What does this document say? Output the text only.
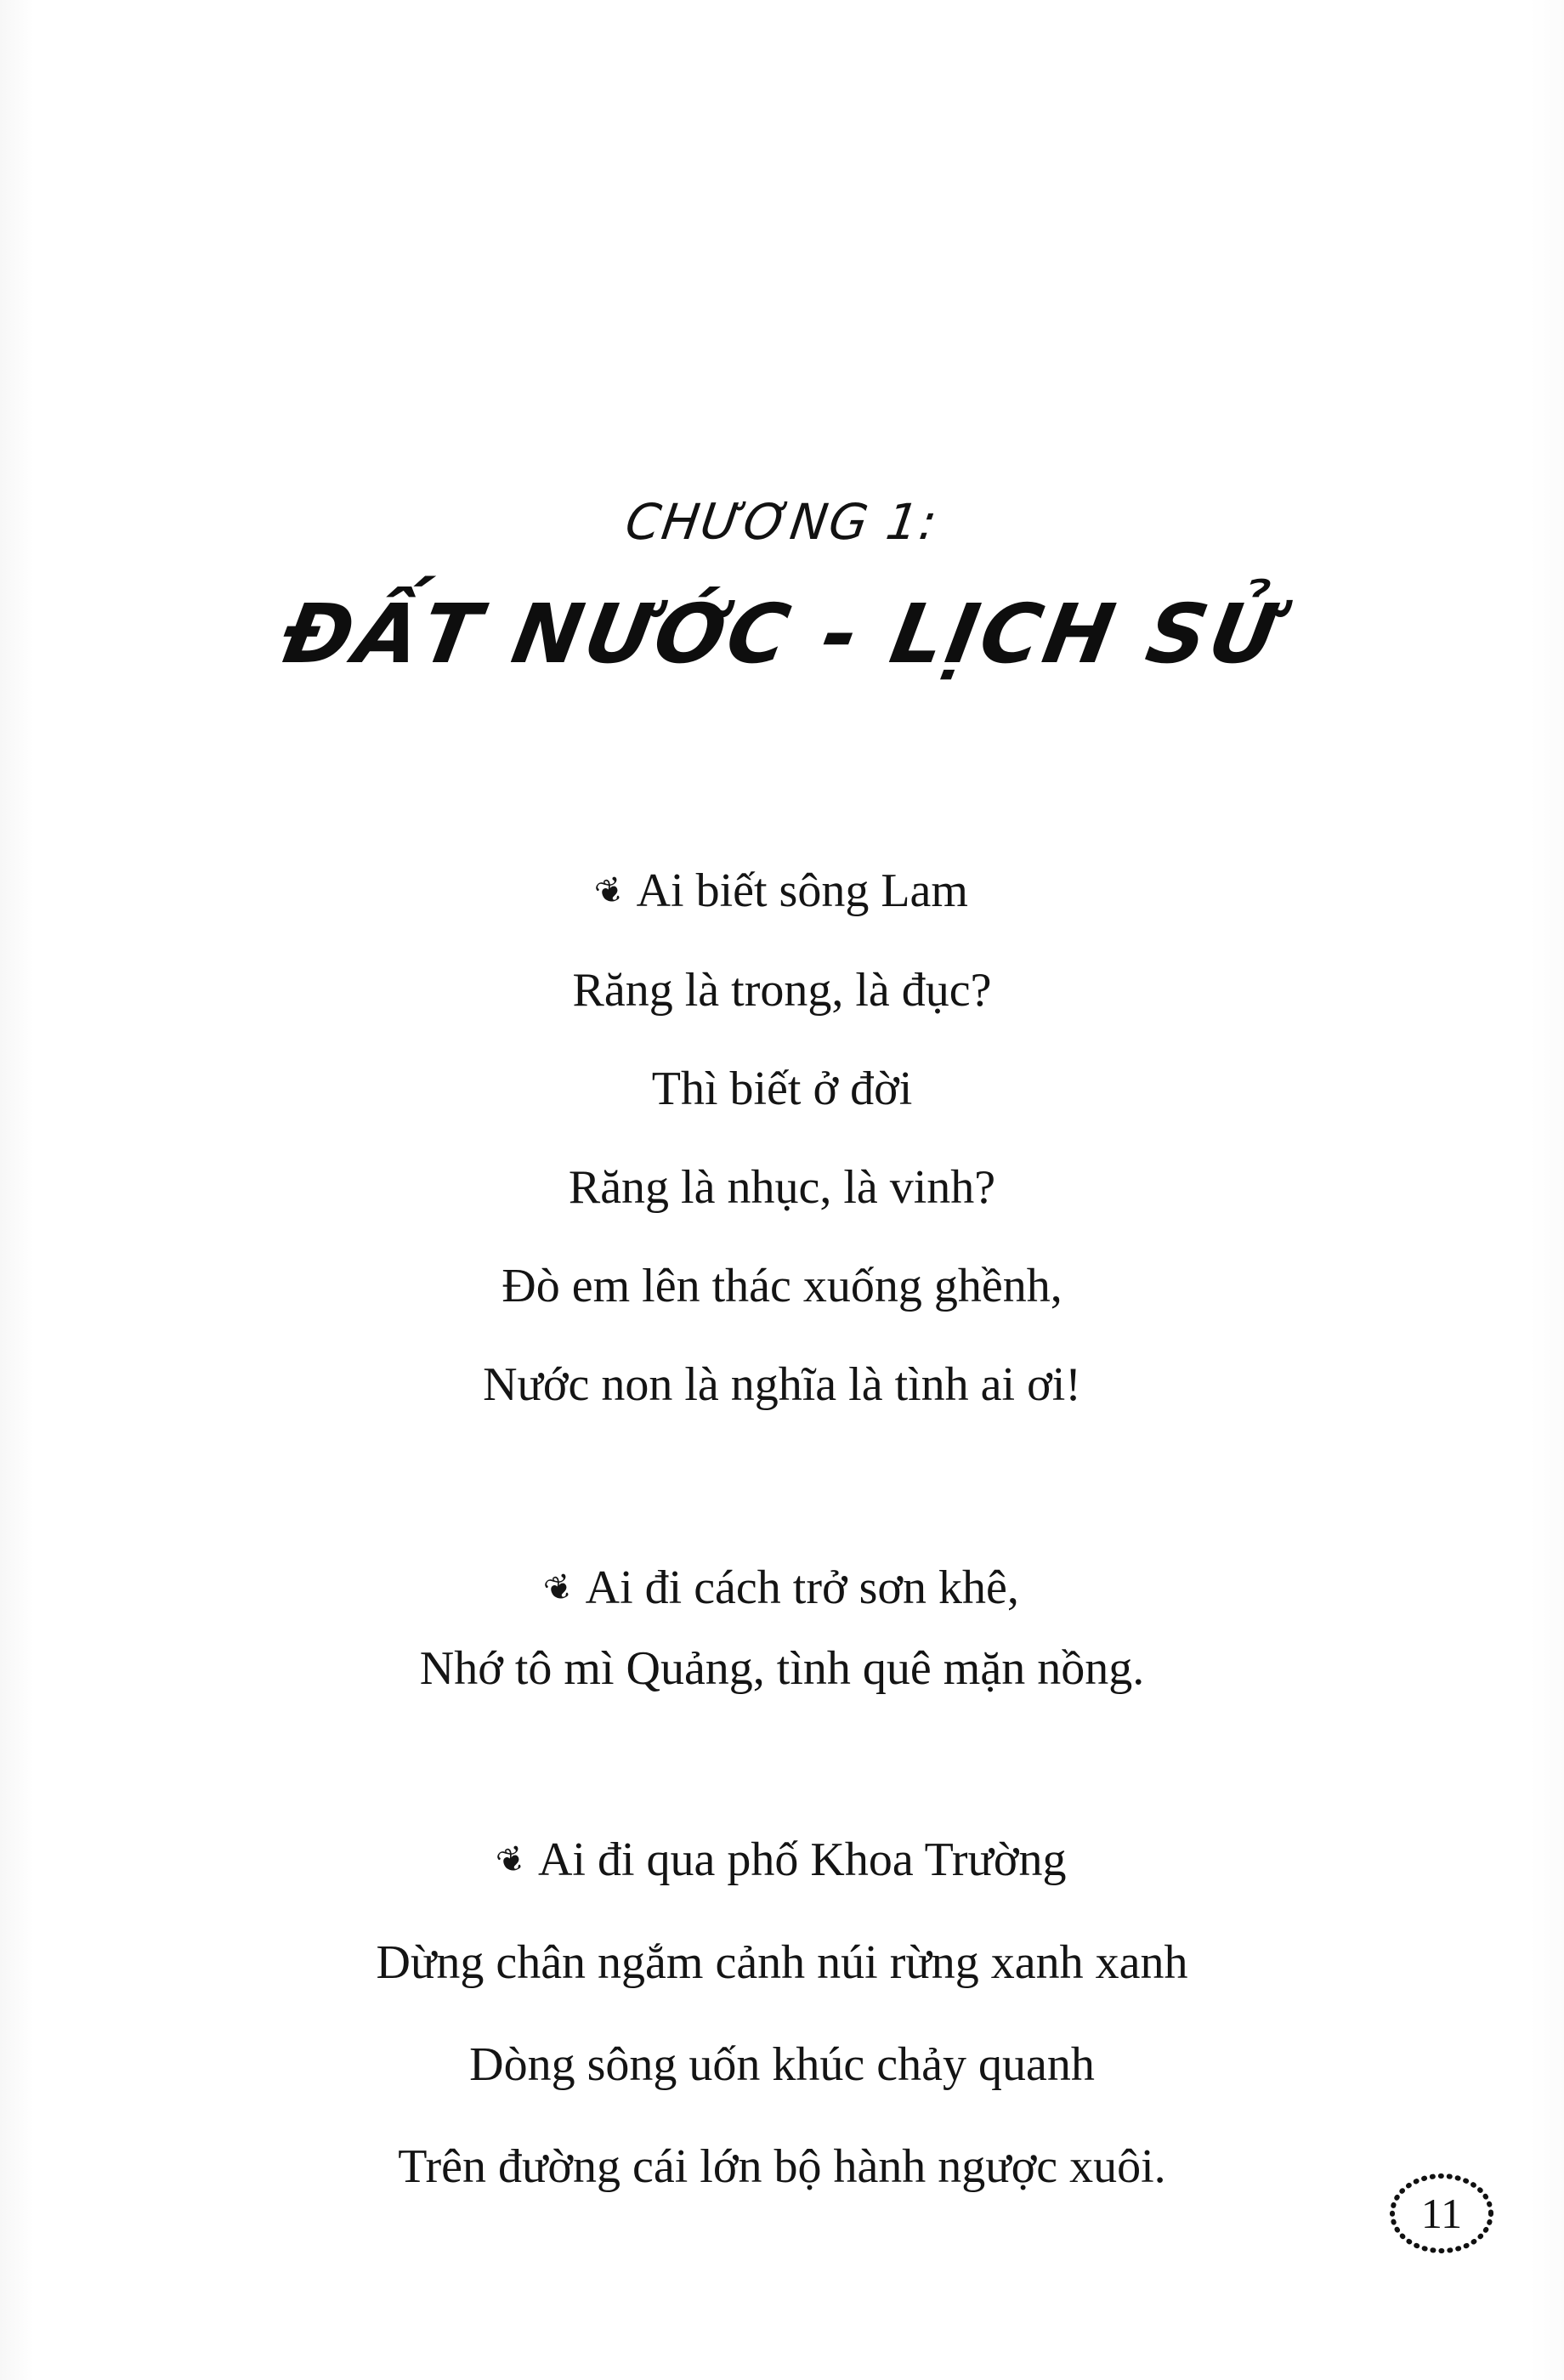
CHƯƠNG 1:
ĐẤT NƯỚC - LỊCH SỬ
❦ Ai biết sông Lam
Răng là trong, là đục?
Thì biết ở đời
Răng là nhục, là vinh?
Đò em lên thác xuống ghềnh,
Nước non là nghĩa là tình ai ơi!
❦ Ai đi cách trở sơn khê,
Nhớ tô mì Quảng, tình quê mặn nồng.
❦ Ai đi qua phố Khoa Trường
Dừng chân ngắm cảnh núi rừng xanh xanh
Dòng sông uốn khúc chảy quanh
Trên đường cái lớn bộ hành ngược xuôi.
11
